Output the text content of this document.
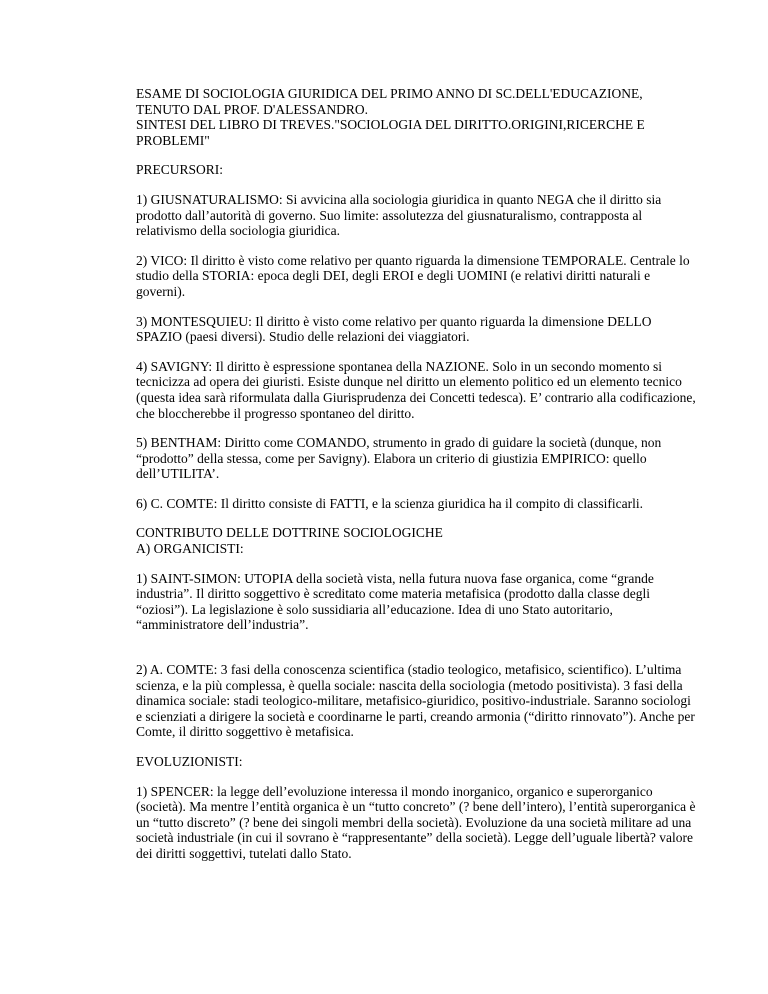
ESAME DI SOCIOLOGIA GIURIDICA DEL PRIMO ANNO DI SC.DELL'EDUCAZIONE,
TENUTO DAL PROF. D'ALESSANDRO.
SINTESI DEL LIBRO DI TREVES."SOCIOLOGIA DEL DIRITTO.ORIGINI,RICERCHE E
PROBLEMI"

PRECURSORI:

1) GIUSNATURALISMO: Si avvicina alla sociologia giuridica in quanto NEGA che il diritto sia prodotto dall’autorità di governo. Suo limite: assolutezza del giusnaturalismo, contrapposta al relativismo della sociologia giuridica.

2) VICO: Il diritto è visto come relativo per quanto riguarda la dimensione TEMPORALE. Centrale lo studio della STORIA: epoca degli DEI, degli EROI e degli UOMINI (e relativi diritti naturali e governi).

3) MONTESQUIEU: Il diritto è visto come relativo per quanto riguarda la dimensione DELLO SPAZIO (paesi diversi). Studio delle relazioni dei viaggiatori.

4) SAVIGNY: Il diritto è espressione spontanea della NAZIONE. Solo in un secondo momento si tecnicizza ad opera dei giuristi. Esiste dunque nel diritto un elemento politico ed un elemento tecnico (questa idea sarà riformulata dalla Giurisprudenza dei Concetti tedesca). E’ contrario alla codificazione, che bloccherebbe il progresso spontaneo del diritto.

5) BENTHAM: Diritto come COMANDO, strumento in grado di guidare la società (dunque, non “prodotto” della stessa, come per Savigny). Elabora un criterio di giustizia EMPIRICO: quello dell’UTILITA’.

6) C. COMTE: Il diritto consiste di FATTI, e la scienza giuridica ha il compito di classificarli.

CONTRIBUTO DELLE DOTTRINE SOCIOLOGICHE

A) ORGANICISTI:

1) SAINT-SIMON: UTOPIA della società vista, nella futura nuova fase organica, come “grande industria”. Il diritto soggettivo è screditato come materia metafisica (prodotto dalla classe degli “oziosi”). La legislazione è solo sussidiaria all’educazione. Idea di uno Stato autoritario, “amministratore dell’industria”.

2) A. COMTE: 3 fasi della conoscenza scientifica (stadio teologico, metafisico, scientifico). L’ultima scienza, e la più complessa, è quella sociale: nascita della sociologia (metodo positivista). 3 fasi della dinamica sociale: stadi teologico-militare, metafisico-giuridico, positivo-industriale. Saranno sociologi e scienziati a dirigere la società e coordinarne le parti, creando armonia (“diritto rinnovato”). Anche per Comte, il diritto soggettivo è metafisica.

EVOLUZIONISTI:

1) SPENCER: la legge dell’evoluzione interessa il mondo inorganico, organico e superorganico (società). Ma mentre l’entità organica è un “tutto concreto” (? bene dell’intero), l’entità superorganica è un “tutto discreto” (? bene dei singoli membri della società). Evoluzione da una società militare ad una società industriale (in cui il sovrano è “rappresentante” della società). Legge dell’uguale libertà? valore dei diritti soggettivi, tutelati dallo Stato.
